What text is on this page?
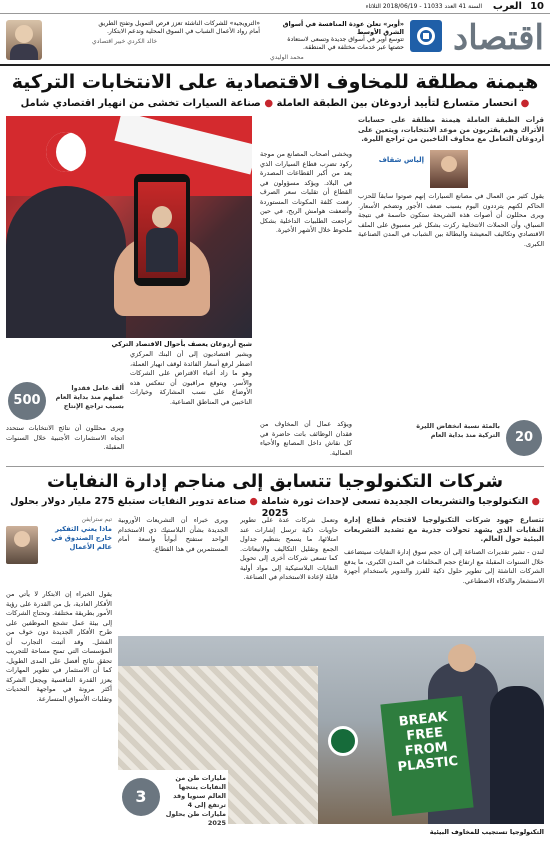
10
العرب
السنة 41 العدد 11033 - 2018/06/19 الثلاثاء
اقتصاد
«أوبر» تعلن عودة المنافسة في أسواق الشرق الأوسط
تتوسع أوبر في أسواق جديدة وتسعى لاستعادة حصتها عبر خدمات مختلفة في المنطقة.
محمد الوليدي
«الترويجية» للشركات الناشئة تعزز فرص التمويل وتفتح الطريق أمام رواد الأعمال الشباب في السوق المحلية وتدعم الابتكار.
خالد الكردي خبير اقتصادي
هيمنة مطلقة للمخاوف الاقتصادية على الانتخابات التركية
● انحسار متسارع لتأييد أردوغان بين الطبقة العاملة ● صناعة السيارات تخشى من انهيار اقتصادي شامل
قرأت الطبقة العاملة هيمنة مطلقة على حسابات الأتراك وهم يقتربون من موعد الانتخابات، ويتعين على أردوغان التعامل مع مخاوف الناخبين من تراجع الليرة.
إلياس شقاف
يقول كثير من العمال في مصانع السيارات إنهم صوتوا سابقاً للحزب الحاكم لكنهم يترددون اليوم بسبب ضعف الأجور وتضخم الأسعار. ويرى محللون أن أصوات هذه الشريحة ستكون حاسمة في نتيجة السباق، وأن الحملات الانتخابية ركزت بشكل غير مسبوق على الملف الاقتصادي وتكاليف المعيشة والبطالة بين الشباب في المدن الصناعية الكبرى.
ويخشى أصحاب المصانع من موجة ركود تضرب قطاع السيارات الذي يعد من أكبر القطاعات المصدرة في البلاد. ويؤكد مسؤولون في القطاع أن تقلبات سعر الصرف رفعت كلفة المكونات المستوردة وأضعفت هوامش الربح، في حين تراجعت الطلبيات الداخلية بشكل ملحوظ خلال الأشهر الأخيرة.
شبح أردوغان يعصف بأحوال الاقتصاد التركي
ويشير اقتصاديون إلى أن البنك المركزي اضطر لرفع أسعار الفائدة لوقف انهيار العملة، وهو ما زاد أعباء الاقتراض على الشركات والأسر. ويتوقع مراقبون أن تنعكس هذه الأوضاع على نسب المشاركة وخيارات الناخبين في المناطق الصناعية.
500
ألف عامل فقدوا عملهم منذ بداية العام بسبب تراجع الإنتاج
ويؤكد عمال أن المخاوف من فقدان الوظائف باتت حاضرة في كل نقاش داخل المصانع والأحياء العمالية.
20
بالمئة نسبة انخفاض الليرة التركية منذ بداية العام
ويرى محللون أن نتائج الانتخابات ستحدد اتجاه الاستثمارات الأجنبية خلال السنوات المقبلة.
شركات التكنولوجيا تتسابق إلى مناجم إدارة النفايات
● التكنولوجيا والتشريعات الجديدة تسعى لإحداث ثورة شاملة ● صناعة تدوير النفايات ستبلغ 275 مليار دولار بحلول 2025
تتسارع جهود شركات التكنولوجيا لاقتحام قطاع إدارة النفايات الذي يشهد تحولات جذرية مع تشديد التشريعات البيئية حول العالم.
لندن - تشير تقديرات الصناعة إلى أن حجم سوق إدارة النفايات سيتضاعف خلال السنوات المقبلة مع ارتفاع حجم المخلفات في المدن الكبرى، ما يدفع الشركات الناشئة إلى تطوير حلول ذكية للفرز والتدوير باستخدام أجهزة الاستشعار والذكاء الاصطناعي.
وتعمل شركات عدة على تطوير حاويات ذكية ترسل إشارات عند امتلائها، ما يسمح بتنظيم جداول الجمع وتقليل التكاليف والانبعاثات. كما تسعى شركات أخرى إلى تحويل النفايات البلاستيكية إلى مواد أولية قابلة لإعادة الاستخدام في الصناعة.
ويرى خبراء أن التشريعات الأوروبية الجديدة بشأن البلاستيك ذي الاستخدام الواحد ستفتح أبواباً واسعة أمام المستثمرين في هذا القطاع.
تيم سترايفن
ماذا يعني التفكير خارج الصندوق في عالم الأعمال
يقول الخبراء إن الابتكار لا يأتي من الأفكار العادية، بل من القدرة على رؤية الأمور بطريقة مختلفة. وتحتاج الشركات إلى بيئة عمل تشجع الموظفين على طرح الأفكار الجديدة دون خوف من الفشل. وقد أثبتت التجارب أن المؤسسات التي تمنح مساحة للتجريب تحقق نتائج أفضل على المدى الطويل، كما أن الاستثمار في تطوير المهارات يعزز القدرة التنافسية ويجعل الشركة أكثر مرونة في مواجهة التحديات وتقلبات الأسواق المتسارعة.
BREAK FREE FROM PLASTIC
3
مليارات طن من النفايات ينتجها العالم سنويا وقد ترتفع إلى 4 مليارات طن بحلول 2025
التكنولوجيا تستجيب للمخاوف البيئية
